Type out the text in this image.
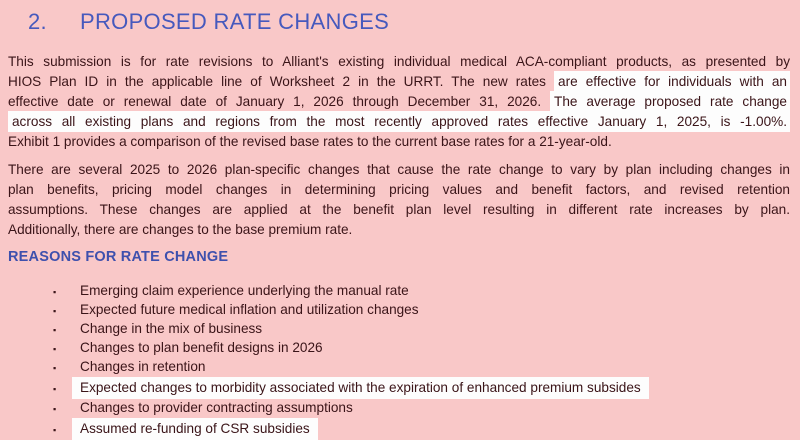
2. PROPOSED RATE CHANGES
This submission is for rate revisions to Alliant's existing individual medical ACA-compliant products, as presented by
HIOS Plan ID in the applicable line of Worksheet 2 in the URRT. The new rates are effective for individuals with an
effective date or renewal date of January 1, 2026 through December 31, 2026. The average proposed rate change
across all existing plans and regions from the most recently approved rates effective January 1, 2025, is -1.00%.
Exhibit 1 provides a comparison of the revised base rates to the current base rates for a 21-year-old.
There are several 2025 to 2026 plan-specific changes that cause the rate change to vary by plan including changes in
plan benefits, pricing model changes in determining pricing values and benefit factors, and revised retention
assumptions. These changes are applied at the benefit plan level resulting in different rate increases by plan.
Additionally, there are changes to the base premium rate.
REASONS FOR RATE CHANGE
▪	Emerging claim experience underlying the manual rate
▪	Expected future medical inflation and utilization changes
▪	Change in the mix of business
▪	Changes to plan benefit designs in 2026
▪	Changes in retention
▪	Expected changes to morbidity associated with the expiration of enhanced premium subsides
▪	Changes to provider contracting assumptions
▪	Assumed re-funding of CSR subsidies
